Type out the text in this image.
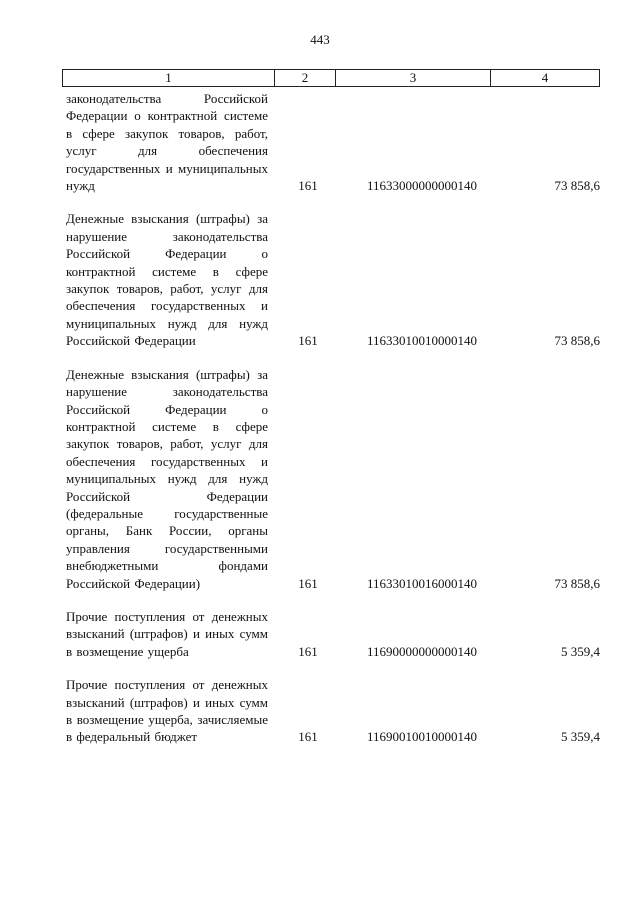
443
1	2	3	4
законодательства Российской Федерации о контрактной системе в сфере закупок товаров, работ, услуг для обеспечения государственных и муниципальных нужд	161	11633000000000140	73 858,6
Денежные взыскания (штрафы) за нарушение законодательства Российской Федерации о контрактной системе в сфере закупок товаров, работ, услуг для обеспечения государственных и муниципальных нужд для нужд Российской Федерации	161	11633010010000140	73 858,6
Денежные взыскания (штрафы) за нарушение законодательства Российской Федерации о контрактной системе в сфере закупок товаров, работ, услуг для обеспечения государственных и муниципальных нужд для нужд Российской Федерации (федеральные государственные органы, Банк России, органы управления государственными внебюджетными фондами Российской Федерации)	161	11633010016000140	73 858,6
Прочие поступления от денежных взысканий (штрафов) и иных сумм в возмещение ущерба	161	11690000000000140	5 359,4
Прочие поступления от денежных взысканий (штрафов) и иных сумм в возмещение ущерба, зачисляемые в федеральный бюджет	161	11690010010000140	5 359,4
